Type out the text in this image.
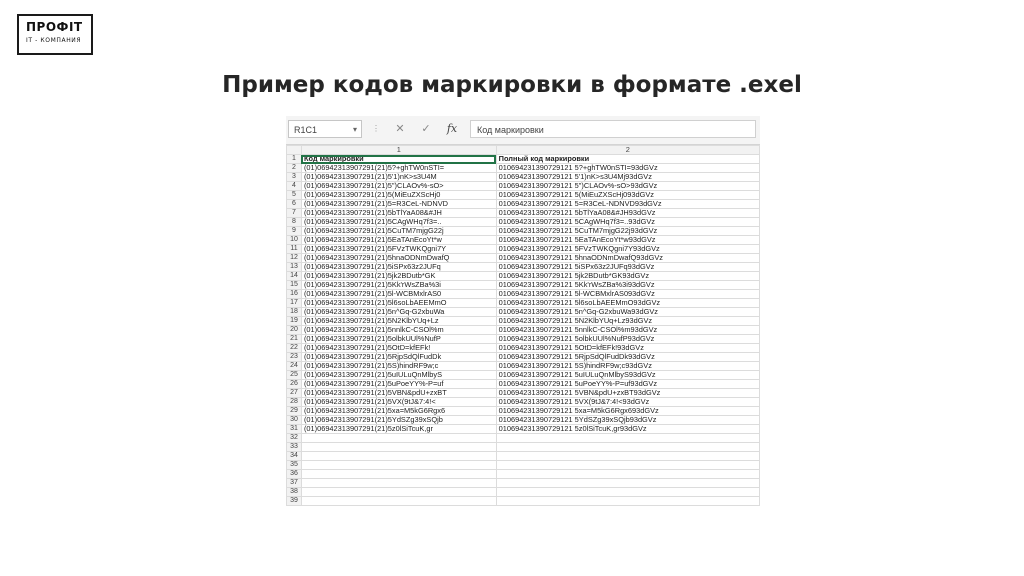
ПРОФIT
IT - КОМПАНИЯ
Пример кодов маркировки в формате .exel
R1C1	▾ ⋮	✕	✓	fx	Код маркировки
	1	2
1	Код маркировки	Полный код маркировки
2	(01)06942313907291(21)5?+ghTW0nSTI=	010694231390729121 5?+ghTW0nSTI=93dGVz
3	(01)06942313907291(21)5'1)nK>s3U4M	010694231390729121 5'1)nK>s3U4Mj93dGVz
4	(01)06942313907291(21)5")CLAOv%-sO>	010694231390729121 5")CLAOv%-sO>93dGVz
5	(01)06942313907291(21)5(MiEuZXScHj0	010694231390729121 5(MiEuZXScHj093dGVz
6	(01)06942313907291(21)5=R3CeL-NDNVD	010694231390729121 5=R3CeL-NDNVD93dGVz
7	(01)06942313907291(21)5bTlYaA08&#JH	010694231390729121 5bTlYaA08&#JH93dGVz
8	(01)06942313907291(21)5CAgWHq7f3=..	010694231390729121 5CAgWHq7f3=..93dGVz
9	(01)06942313907291(21)5CuTM7mjgG22j	010694231390729121 5CuTM7mjgG22j93dGVz
10	(01)06942313907291(21)5EaTAnEcoYt*w	010694231390729121 5EaTAnEcoYt*w93dGVz
11	(01)06942313907291(21)5FVzTWKQgni7Y	010694231390729121 5FVzTWKQgni7Y93dGVz
12	(01)06942313907291(21)5hnaODNmDwafQ	010694231390729121 5hnaODNmDwafQ93dGVz
13	(01)06942313907291(21)5iSPx63z2JUFq	010694231390729121 5iSPx63z2JUFq93dGVz
14	(01)06942313907291(21)5jk2BDutb*GK	010694231390729121 5jk2BDutb*GK93dGVz
15	(01)06942313907291(21)5Kk'rWsZBa%3i	010694231390729121 5Kk'rWsZBa%3i93dGVz
16	(01)06942313907291(21)5l-WCBMxlrAS0	010694231390729121 5l-WCBMxlrAS093dGVz
17	(01)06942313907291(21)5l6soLbAEEMmO	010694231390729121 5l6soLbAEEMmO93dGVz
18	(01)06942313907291(21)5n^Gq-G2xbuWa	010694231390729121 5n^Gq-G2xbuWa93dGVz
19	(01)06942313907291(21)5N2KlbYUq+Lz	010694231390729121 5N2KlbYUq+Lz93dGVz
20	(01)06942313907291(21)5nnlkC-CSOl%m	010694231390729121 5nnlkC-CSOl%m93dGVz
21	(01)06942313907291(21)5olbkUUl%NufP	010694231390729121 5olbkUUl%NufP93dGVz
22	(01)06942313907291(21)5OtD=kfEFk!	010694231390729121 5OtD=kfEFk!93dGVz
23	(01)06942313907291(21)5RjpSdQlFudDk	010694231390729121 5RjpSdQlFudDk93dGVz
24	(01)06942313907291(21)5S)hindRF9w;c	010694231390729121 5S)hindRF9w;c93dGVz
25	(01)06942313907291(21)5uIULuQnMlbyS	010694231390729121 5uIULuQnMlbyS93dGVz
26	(01)06942313907291(21)5uPoeYY%-P=uf	010694231390729121 5uPoeYY%-P=uf93dGVz
27	(01)06942313907291(21)5VBN&pdU+zxBT	010694231390729121 5VBN&pdU+zxBT93dGVz
28	(01)06942313907291(21)5VX(9tJ&7:4!<	010694231390729121 5VX(9tJ&7:4!<93dGVz
29	(01)06942313907291(21)5xa=M5kG6Rgx6	010694231390729121 5xa=M5kG6Rgx693dGVz
30	(01)06942313907291(21)5YdSZg39xSQjb	010694231390729121 5YdSZg39xSQjb93dGVz
31	(01)06942313907291(21)5z0lSiTcuK,gr	010694231390729121 5z0lSiTcuK,gr93dGVz
32		
33		
34		
35		
36		
37		
38		
39		
